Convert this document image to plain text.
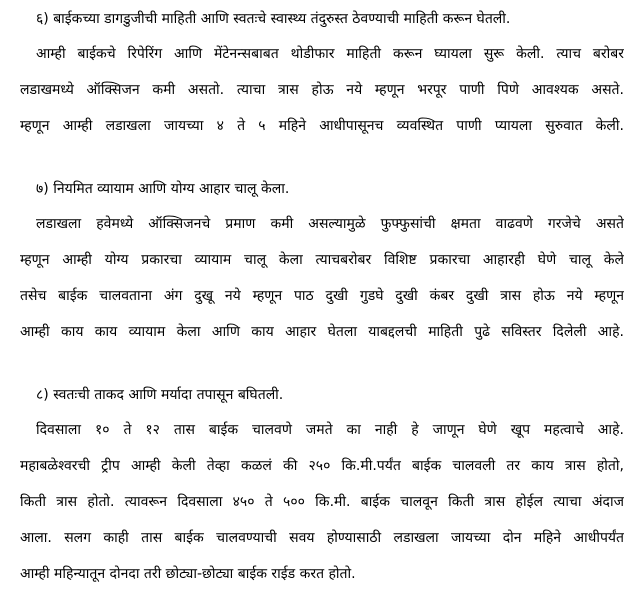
६) बाईकच्या डागडुजीची माहिती आणि स्वतःचे स्वास्थ्य तंदुरुस्त ठेवण्याची माहिती करून घेतली.
आम्ही बाईकचे रिपेरिंग आणि मेंटेनन्सबाबत थोडीफार माहिती करून घ्यायला सुरू केली. त्याच बरोबर
लडाखमध्ये ऑक्सिजन कमी असतो. त्याचा त्रास होऊ नये म्हणून भरपूर पाणी पिणे आवश्यक असते.
म्हणून आम्ही लडाखला जायच्या ४ ते ५ महिने आधीपासूनच व्यवस्थित पाणी प्यायला सुरुवात केली.
७) नियमित व्यायाम आणि योग्य आहार चालू केला.
लडाखला हवेमध्ये ऑक्सिजनचे प्रमाण कमी असल्यामुळे फुफ्फुसांची क्षमता वाढवणे गरजेचे असते
म्हणून आम्ही योग्य प्रकारचा व्यायाम चालू केला त्याचबरोबर विशिष्ट प्रकारचा आहारही घेणे चालू केले
तसेच बाईक चालवताना अंग दुखू नये म्हणून पाठ दुखी गुडघे दुखी कंबर दुखी त्रास होऊ नये म्हणून
आम्ही काय काय व्यायाम केला आणि काय आहार घेतला याबद्दलची माहिती पुढे सविस्तर दिलेली आहे.
८) स्वतःची ताकद आणि मर्यादा तपासून बघितली.
दिवसाला १० ते १२ तास बाईक चालवणे जमते का नाही हे जाणून घेणे खूप महत्वाचे आहे.
महाबळेश्वरची ट्रीप आम्ही केली तेव्हा कळलं की २५० कि.मी.पर्यंत बाईक चालवली तर काय त्रास होतो,
किती त्रास होतो. त्यावरून दिवसाला ४५० ते ५०० कि.मी. बाईक चालवून किती त्रास होईल त्याचा अंदाज
आला. सलग काही तास बाईक चालवण्याची सवय होण्यासाठी लडाखला जायच्या दोन महिने आधीपर्यंत
आम्ही महिन्यातून दोनदा तरी छोट्या-छोट्या बाईक राईड करत होतो.
